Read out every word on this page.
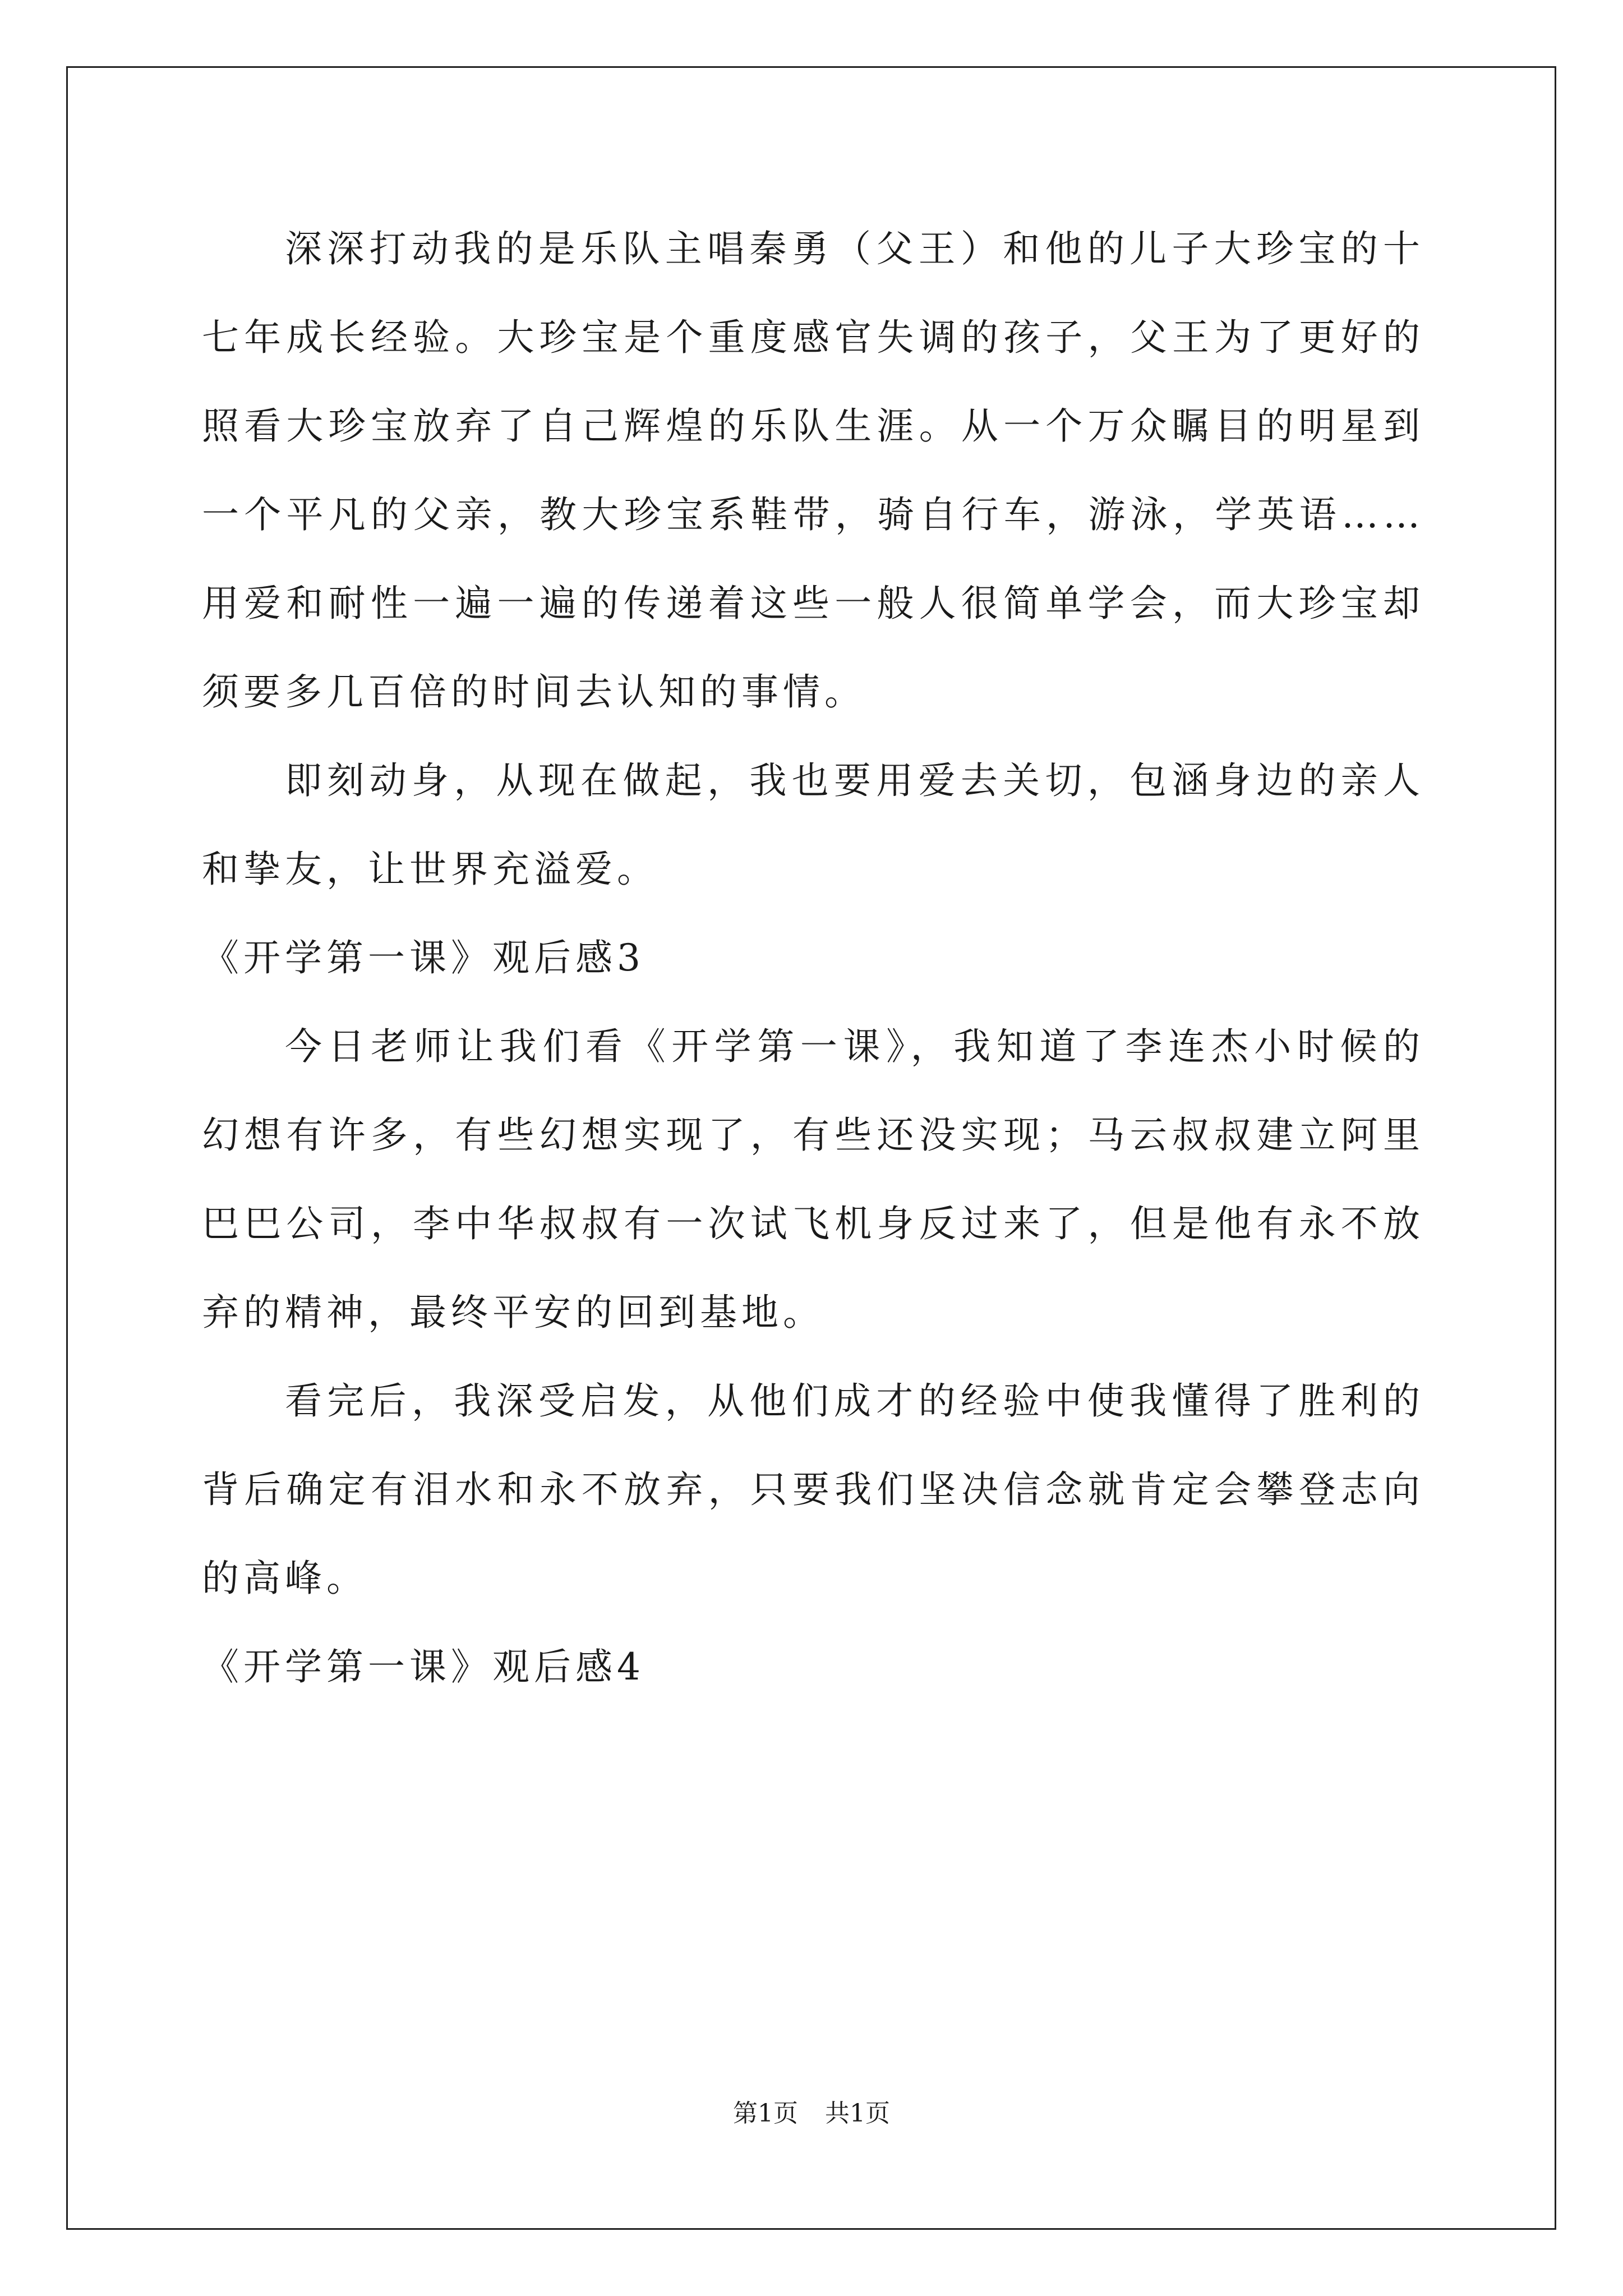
深深打动我的是乐队主唱秦勇（父王）和他的儿子大珍宝的十七年成长经验。大珍宝是个重度感官失调的孩子，父王为了更好的照看大珍宝放弃了自己辉煌的乐队生涯。从一个万众瞩目的明星到一个平凡的父亲，教大珍宝系鞋带，骑自行车，游泳，学英语……用爱和耐性一遍一遍的传递着这些一般人很简单学会，而大珍宝却须要多几百倍的时间去认知的事情。

即刻动身，从现在做起，我也要用爱去关切，包涵身边的亲人和挚友，让世界充溢爱。

《开学第一课》观后感3

今日老师让我们看《开学第一课》，我知道了李连杰小时候的幻想有许多，有些幻想实现了，有些还没实现；马云叔叔建立阿里巴巴公司，李中华叔叔有一次试飞机身反过来了，但是他有永不放弃的精神，最终平安的回到基地。

看完后，我深受启发，从他们成才的经验中使我懂得了胜利的背后确定有泪水和永不放弃，只要我们坚决信念就肯定会攀登志向的高峰。

《开学第一课》观后感4

第1页 共1页
